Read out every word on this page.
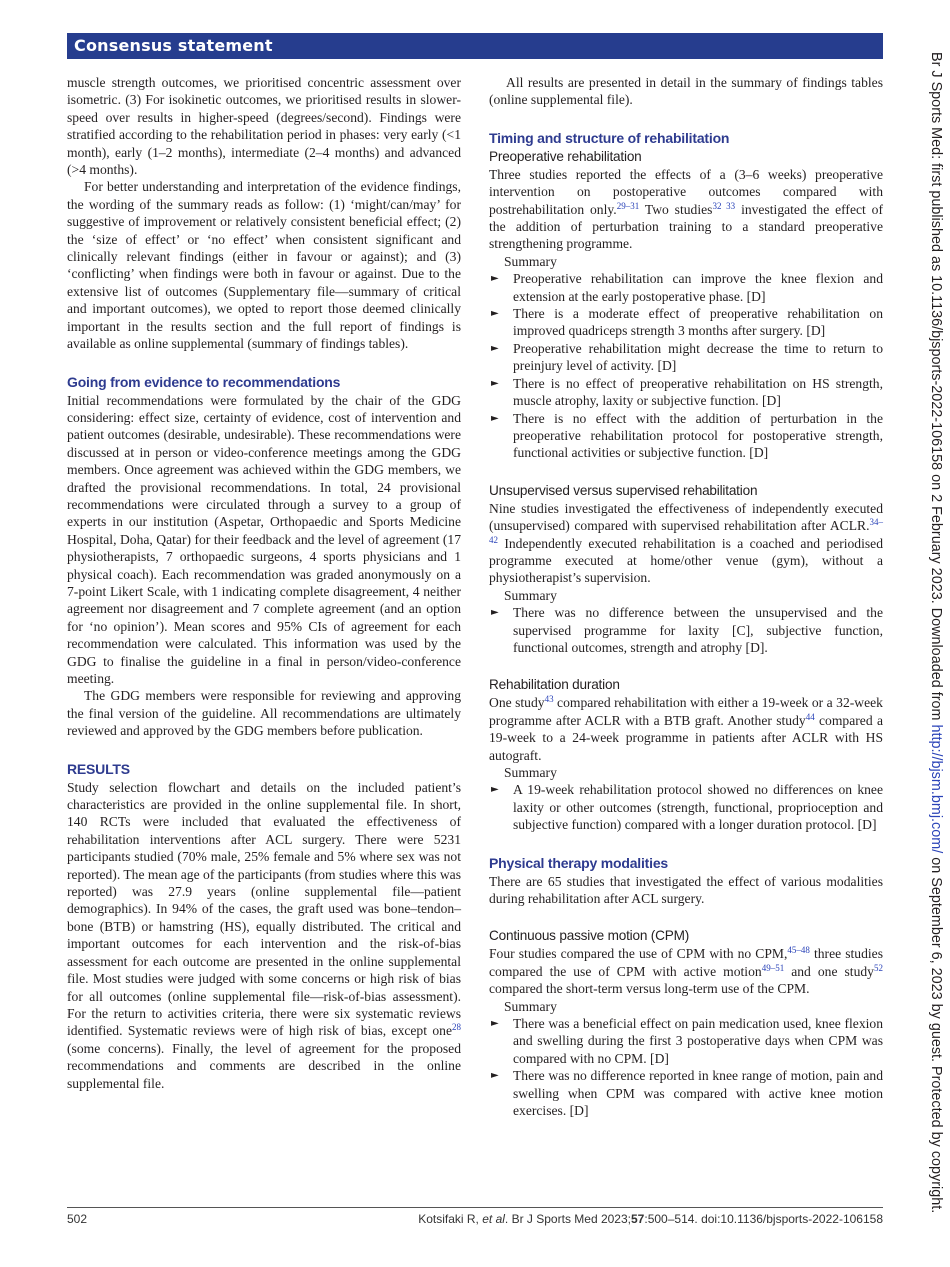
Consensus statement

muscle strength outcomes, we prioritised concentric assessment over isometric. (3) For isokinetic outcomes, we prioritised results in slower-speed over results in higher-speed (degrees/second). Findings were stratified according to the rehabilitation period in phases: very early (<1 month), early (1–2 months), intermediate (2–4 months) and advanced (>4 months).

For better understanding and interpretation of the evidence findings, the wording of the summary reads as follow: (1) ‘might/can/may’ for suggestive of improvement or relatively consistent beneficial effect; (2) the ‘size of effect’ or ‘no effect’ when consistent significant and clinically relevant findings (either in favour or against); and (3) ‘conflicting’ when findings were both in favour or against. Due to the extensive list of outcomes (Supplementary file—summary of critical and important outcomes), we opted to report those deemed clinically important in the results section and the full report of findings is available as online supplemental (summary of findings tables).

Going from evidence to recommendations

Initial recommendations were formulated by the chair of the GDG considering: effect size, certainty of evidence, cost of intervention and patient outcomes (desirable, undesirable). These recommendations were discussed at in person or video-conference meetings among the GDG members. Once agreement was achieved within the GDG members, we drafted the provisional recommendations. In total, 24 provisional recommendations were circulated through a survey to a group of experts in our institution (Aspetar, Orthopaedic and Sports Medicine Hospital, Doha, Qatar) for their feedback and the level of agreement (17 physiotherapists, 7 orthopaedic surgeons, 4 sports physicians and 1 physical coach). Each recommendation was graded anonymously on a 7-point Likert Scale, with 1 indicating complete disagreement, 4 neither agreement nor disagreement and 7 complete agreement (and an option for ‘no opinion’). Mean scores and 95% CIs of agreement for each recommendation were calculated. This information was used by the GDG to finalise the guideline in a final in person/video-conference meeting.

The GDG members were responsible for reviewing and approving the final version of the guideline. All recommendations are ultimately reviewed and approved by the GDG members before publication.

RESULTS

Study selection flowchart and details on the included patient’s characteristics are provided in the online supplemental file. In short, 140 RCTs were included that evaluated the effectiveness of rehabilitation interventions after ACL surgery. There were 5231 participants studied (70% male, 25% female and 5% where sex was not reported). The mean age of the participants (from studies where this was reported) was 27.9 years (online supplemental file—patient demographics). In 94% of the cases, the graft used was bone–tendon–bone (BTB) or hamstring (HS), equally distributed. The critical and important outcomes for each intervention and the risk-of-bias assessment for each outcome are presented in the online supplemental file. Most studies were judged with some concerns or high risk of bias for all outcomes (online supplemental file—risk-of-bias assessment). For the return to activities criteria, there were six systematic reviews identified. Systematic reviews were of high risk of bias, except one$^{28}$ (some concerns). Finally, the level of agreement for the proposed recommendations and comments are described in the online supplemental file.

All results are presented in detail in the summary of findings tables (online supplemental file).

Timing and structure of rehabilitation
Preoperative rehabilitation

Three studies reported the effects of a (3–6 weeks) preoperative intervention on postoperative outcomes compared with postrehabilitation only.$^{29-31}$ Two studies$^{32 33}$ investigated the effect of the addition of perturbation training to a standard preoperative strengthening programme.

Summary
► Preoperative rehabilitation can improve the knee flexion and extension at the early postoperative phase. [D]
► There is a moderate effect of preoperative rehabilitation on improved quadriceps strength 3 months after surgery. [D]
► Preoperative rehabilitation might decrease the time to return to preinjury level of activity. [D]
► There is no effect of preoperative rehabilitation on HS strength, muscle atrophy, laxity or subjective function. [D]
► There is no effect with the addition of perturbation in the preoperative rehabilitation protocol for postoperative strength, functional activities or subjective function. [D]
Unsupervised versus supervised rehabilitation

Nine studies investigated the effectiveness of independently executed (unsupervised) compared with supervised rehabilitation after ACLR.$^{34-42}$ Independently executed rehabilitation is a coached and periodised programme executed at home/other venue (gym), without a physiotherapist’s supervision.

Summary
► There was no difference between the unsupervised and the supervised programme for laxity [C], subjective function, functional outcomes, strength and atrophy [D].
Rehabilitation duration

One study$^{43}$ compared rehabilitation with either a 19-week or a 32-week programme after ACLR with a BTB graft. Another study$^{44}$ compared a 19-week to a 24-week programme in patients after ACLR with HS autograft.

Summary
► A 19-week rehabilitation protocol showed no differences on knee laxity or other outcomes (strength, functional, proprioception and subjective function) compared with a longer duration protocol. [D]
Physical therapy modalities

There are 65 studies that investigated the effect of various modalities during rehabilitation after ACL surgery.

Continuous passive motion (CPM)

Four studies compared the use of CPM with no CPM,$^{45-48}$ three studies compared the use of CPM with active motion$^{49-51}$ and one study$^{52}$ compared the short-term versus long-term use of the CPM.

Summary
► There was a beneficial effect on pain medication used, knee flexion and swelling during the first 3 postoperative days when CPM was compared with no CPM. [D]
► There was no difference reported in knee range of motion, pain and swelling when CPM was compared with active knee motion exercises. [D]
502	Kotsifaki R, et al. Br J Sports Med 2023;57:500–514. doi:10.1136/bjsports-2022-106158
Br J Sports Med: first published as 10.1136/bjsports-2022-106158 on 2 February 2023. Downloaded from http://bjsm.bmj.com/ on September 6, 2023 by guest. Protected by copyright.
